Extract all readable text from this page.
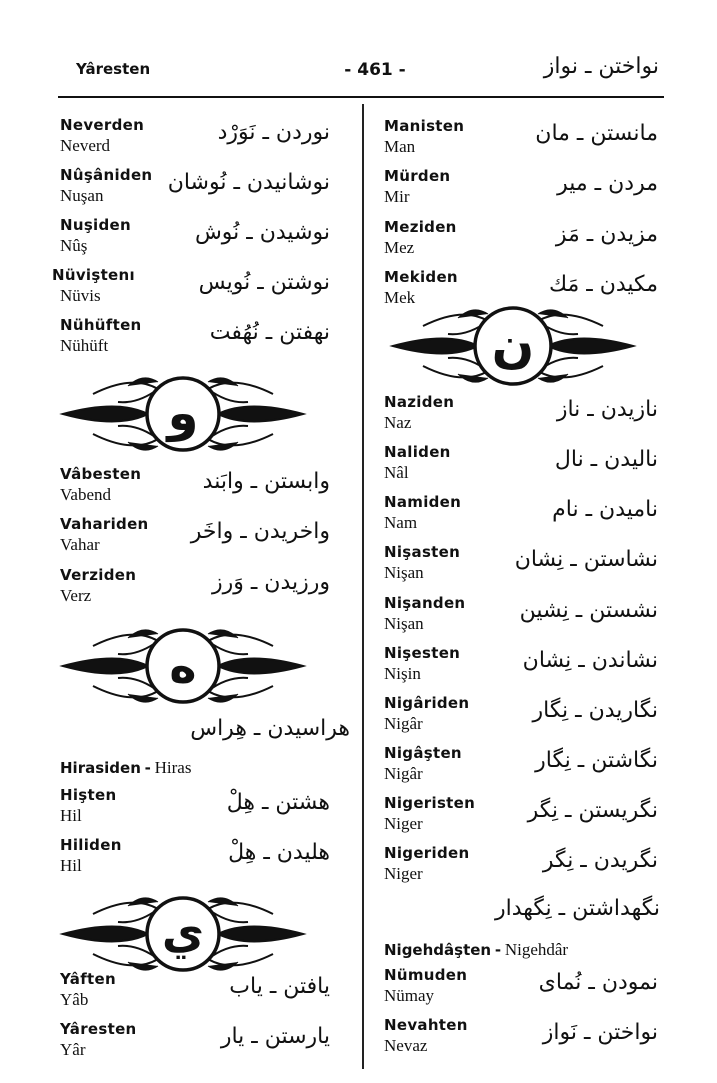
Yâresten	- 461 -	نواختن ـ نواز
Neverden
Neverd
نوردن ـ نَوَرْد
Nûşâniden
Nuşan
نوشانيدن ـ نُوشان
Nuşiden
Nûş
نوشيدن ـ نُوش
Nüviştenı
Nüvis
نوشتن ـ نُويس
Nühüften
Nühüft
نهفتن ـ نُهُفت
و
Vâbesten
Vabend
وابستن ـ وابَند
Vahariden
Vahar
واخريدن ـ واخَر
Verziden
Verz
ورزيدن ـ وَرز
ه
هراسيدن ـ هِراس
Hirasiden - Hiras
Hişten
Hil
هشتن ـ هِلْ
Hiliden
Hil
هليدن ـ هِلْ
ي
Yâften
Yâb
يافتن ـ ياب
Yâresten
Yâr
يارستن ـ يار
Manisten
Man
مانستن ـ مان
Mürden
Mir
مردن ـ مير
Meziden
Mez
مزيدن ـ مَز
Mekiden
Mek
مكيدن ـ مَك
ن
Naziden
Naz
نازيدن ـ ناز
Naliden
Nâl
ناليدن ـ نال
Namiden
Nam
ناميدن ـ نام
Nişasten
Nişan
نشاستن ـ نِشان
Nişanden
Nişan
نشستن ـ نِشين
Nişesten
Nişin
نشاندن ـ نِشان
Nigâriden
Nigâr
نگاريدن ـ نِگار
Nigâşten
Nigâr
نگاشتن ـ نِگار
Nigeristen
Niger
نگريستن ـ نِگر
Nigeriden
Niger
نگريدن ـ نِگر
نگهداشتن ـ نِگهدار
Nigehdâşten - Nigehdâr
Nümuden
Nümay
نمودن ـ نُماى
Nevahten
Nevaz
نواختن ـ نَواز
